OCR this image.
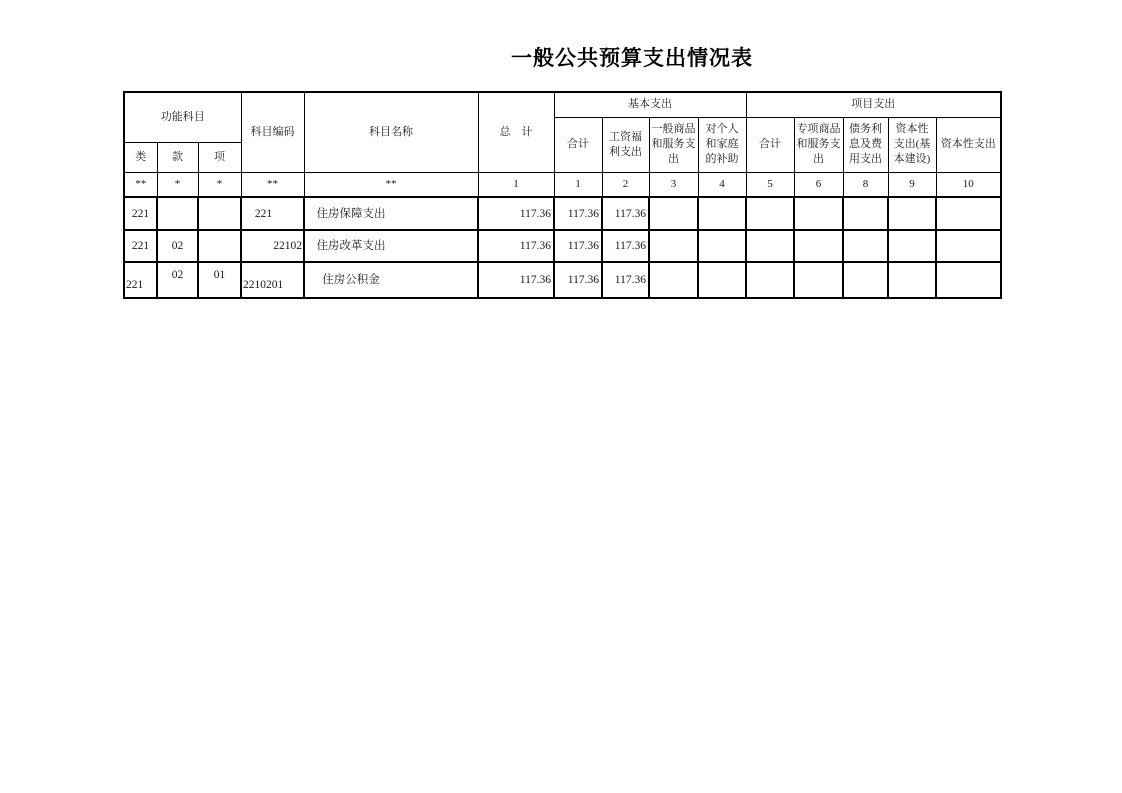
一般公共预算支出情况表
功能科目			科目编码	科目名称	总　计	基本支出				项目支出				
						合计	工资福利支出	一般商品和服务支出	对个人和家庭的补助	合计	专项商品和服务支出	债务利息及费用支出	资本性支出(基本建设)	资本性支出
类	款	项												
**	*	*	**	**	1	1	2	3	4	5	6	8	9	10
221			221	住房保障支出	117.36	117.36	117.36							
221	02		22102	住房改革支出	117.36	117.36	117.36							
221	02	01	2210201	住房公积金	117.36	117.36	117.36							
